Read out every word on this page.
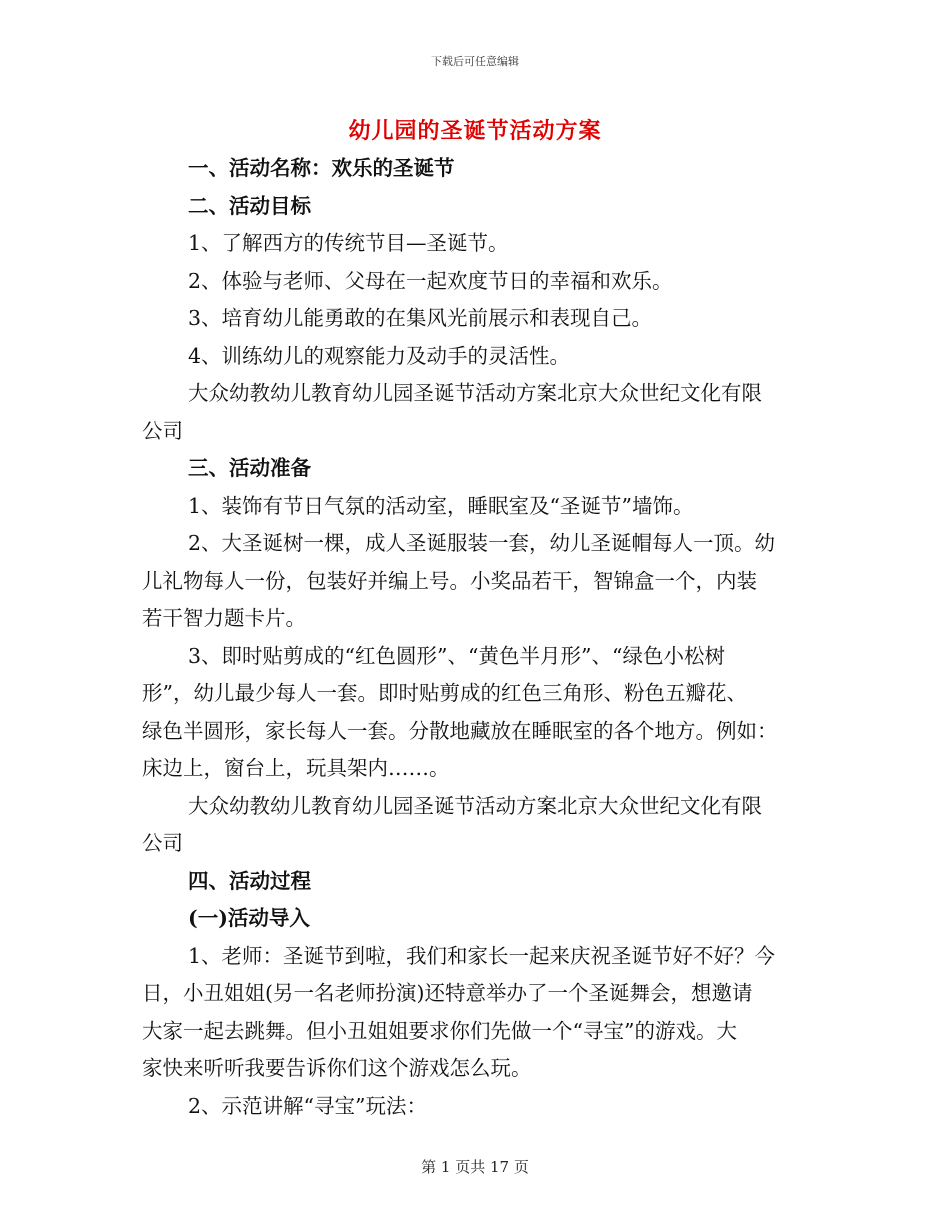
下载后可任意编辑
幼儿园的圣诞节活动方案
一、活动名称：欢乐的圣诞节
二、活动目标
1、了解西方的传统节目—圣诞节。
2、体验与老师、父母在一起欢度节日的幸福和欢乐。
3、培育幼儿能勇敢的在集风光前展示和表现自己。
4、训练幼儿的观察能力及动手的灵活性。
大众幼教幼儿教育幼儿园圣诞节活动方案北京大众世纪文化有限
公司
三、活动准备
1、装饰有节日气氛的活动室，睡眠室及“圣诞节”墙饰。
2、大圣诞树一棵，成人圣诞服装一套，幼儿圣诞帽每人一顶。幼
儿礼物每人一份，包装好并编上号。小奖品若干，智锦盒一个，内装
若干智力题卡片。
3、即时贴剪成的“红色圆形”、“黄色半月形”、“绿色小松树
形”，幼儿最少每人一套。即时贴剪成的红色三角形、粉色五瓣花、
绿色半圆形，家长每人一套。分散地藏放在睡眠室的各个地方。例如：
床边上，窗台上，玩具架内……。
大众幼教幼儿教育幼儿园圣诞节活动方案北京大众世纪文化有限
公司
四、活动过程
(一)活动导入
1、老师：圣诞节到啦，我们和家长一起来庆祝圣诞节好不好？今
日，小丑姐姐(另一名老师扮演)还特意举办了一个圣诞舞会，想邀请
大家一起去跳舞。但小丑姐姐要求你们先做一个“寻宝”的游戏。大
家快来听听我要告诉你们这个游戏怎么玩。
2、示范讲解“寻宝”玩法：
第 1 页共 17 页
